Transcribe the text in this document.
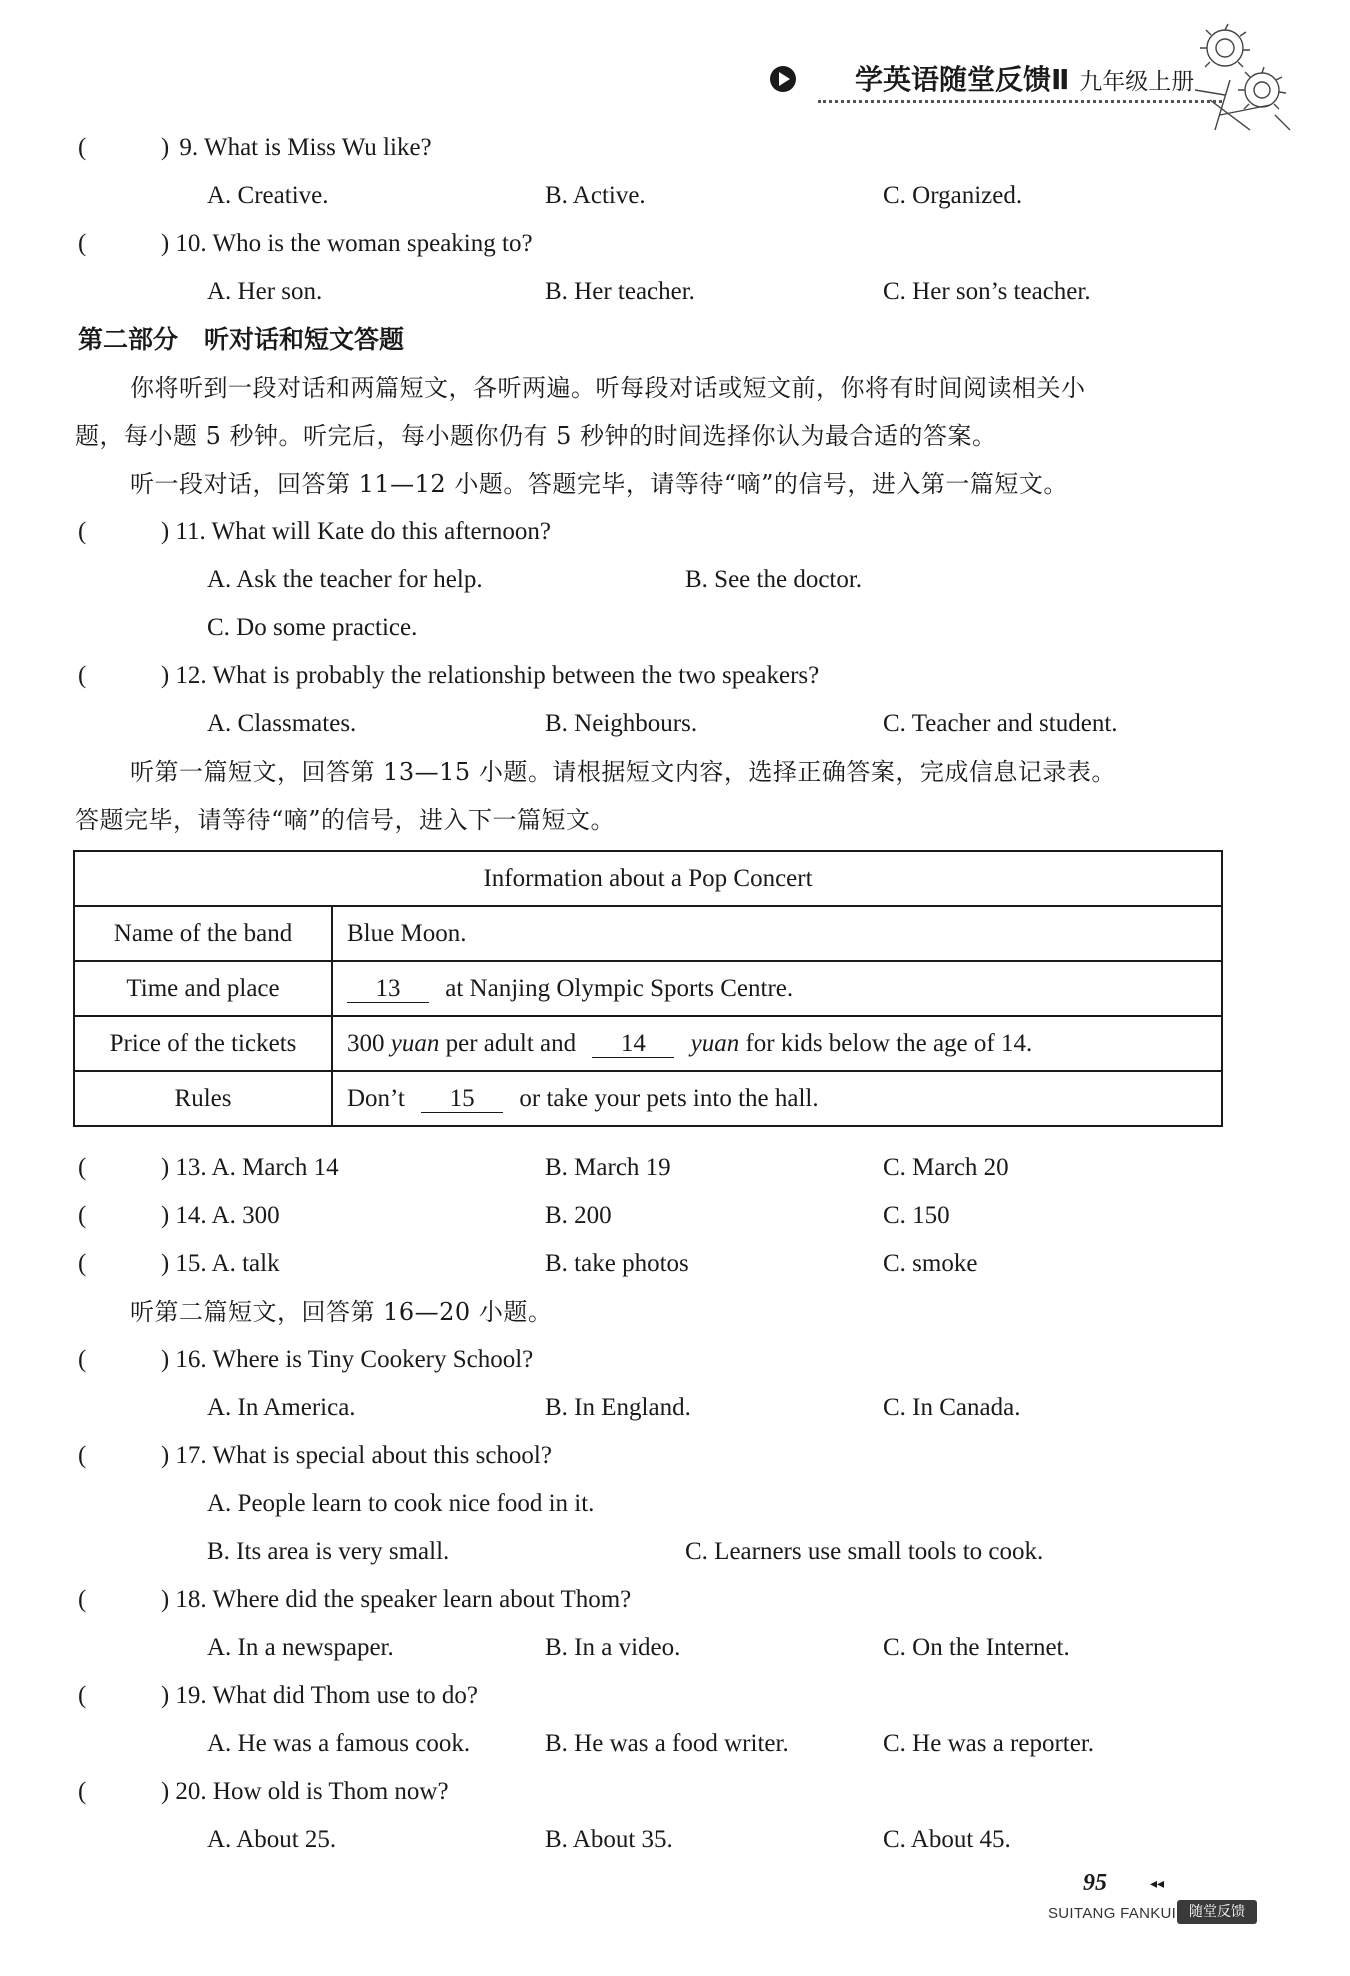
学英语随堂反馈Ⅱ 九年级上册
(	) 9. What is Miss Wu like?
A. Creative.	B. Active.	C. Organized.
(	) 10. Who is the woman speaking to?
A. Her son.	B. Her teacher.	C. Her son’s teacher.
第二部分 听对话和短文答题
你将听到一段对话和两篇短文，各听两遍。听每段对话或短文前，你将有时间阅读相关小
题，每小题 5 秒钟。听完后，每小题你仍有 5 秒钟的时间选择你认为最合适的答案。
听一段对话，回答第 11—12 小题。答题完毕，请等待“嘀”的信号，进入第一篇短文。
(	) 11. What will Kate do this afternoon?
A. Ask the teacher for help.	B. See the doctor.
C. Do some practice.
(	) 12. What is probably the relationship between the two speakers?
A. Classmates.	B. Neighbours.	C. Teacher and student.
听第一篇短文，回答第 13—15 小题。请根据短文内容，选择正确答案，完成信息记录表。
答题完毕，请等待“嘀”的信号，进入下一篇短文。
Information about a Pop Concert	
Name of the band	Blue Moon.
Time and place	13 at Nanjing Olympic Sports Centre.
Price of the tickets	300 yuan per adult and 14 yuan for kids below the age of 14.
Rules	Don’t 15 or take your pets into the hall.
(	) 13. A. March 14	B. March 19	C. March 20
(	) 14. A. 300	B. 200	C. 150
(	) 15. A. talk	B. take photos	C. smoke
听第二篇短文，回答第 16—20 小题。
(	) 16. Where is Tiny Cookery School?
A. In America.	B. In England.	C. In Canada.
(	) 17. What is special about this school?
A. People learn to cook nice food in it.
B. Its area is very small.	C. Learners use small tools to cook.
(	) 18. Where did the speaker learn about Thom?
A. In a newspaper.	B. In a video.	C. On the Internet.
(	) 19. What did Thom use to do?
A. He was a famous cook.	B. He was a food writer.	C. He was a reporter.
(	) 20. How old is Thom now?
A. About 25.	B. About 35.	C. About 45.
95	◂◂
SUITANG FANKUI 随堂反馈
